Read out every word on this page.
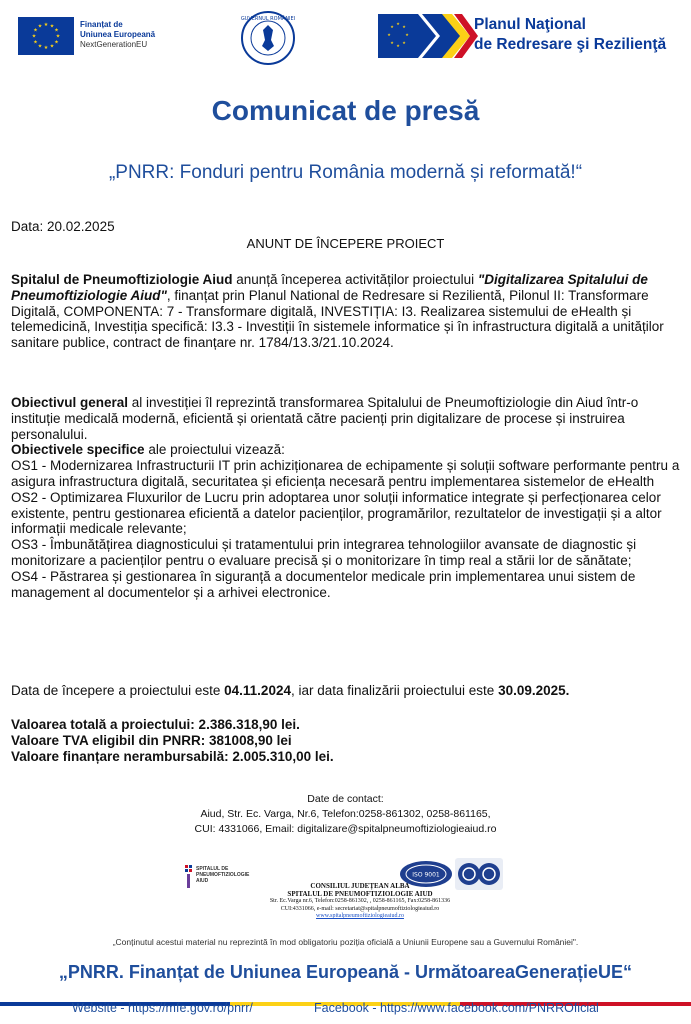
★ ★
★
★
★
★
★
★
★
★
★
★	Finanțat de
Uniunea Europeană
NextGenerationEU
GUVERNUL ROMÂNIEI
★
★
★
★
★
★
★
★	Planul Naţional
de Redresare şi Rezilienţă
Comunicat de presă
„PNRR: Fonduri pentru România modernă și reformată!“
Data: 20.02.2025
ANUNT DE ÎNCEPERE PROIECT

Spitalul de Pneumoftiziologie Aiud anunță începerea activităților proiectului "Digitalizarea Spitalului de Pneumoftiziologie Aiud", finanțat prin Planul National de Redresare si Rezilientă, Pilonul II: Transformare Digitală, COMPONENTA: 7 - Transformare digitală, INVESTIȚIA: I3. Realizarea sistemului de eHealth și telemedicină, Investiția specifică: I3.3 - Investiții în sistemele informatice și în infrastructura digitală a unităților sanitare publice, contract de finanțare nr. 1784/13.3/21.10.2024.

Obiectivul general al investiției îl reprezintă transformarea Spitalului de Pneumoftiziologie din Aiud într-o instituție medicală modernă, eficientă și orientată către pacienți prin digitalizare de procese și instruirea personalului.

Obiectivele specifice ale proiectului vizează:

OS1 - Modernizarea Infrastructurii IT prin achiziționarea de echipamente și soluții software performante pentru a asigura infrastructura digitală, securitatea și eficiența necesară pentru implementarea sistemelor de eHealth

OS2 - Optimizarea Fluxurilor de Lucru prin adoptarea unor soluții informatice integrate și perfecționarea celor existente, pentru gestionarea eficientă a datelor pacienților, programărilor, rezultatelor de investigații și a altor informații medicale relevante;

OS3 - Îmbunătățirea diagnosticului și tratamentului prin integrarea tehnologiilor avansate de diagnostic și monitorizare a pacienților pentru o evaluare precisă și o monitorizare în timp real a stării lor de sănătate;

OS4 - Păstrarea și gestionarea în siguranță a documentelor medicale prin implementarea unui sistem de management al documentelor și a arhivei electronice.

Data de începere a proiectului este 04.11.2024, iar data finalizării proiectului este 30.09.2025.

Valoarea totală a proiectului: 2.386.318,90 lei.

Valoare TVA eligibil din PNRR: 381008,90 lei

Valoare finanțare nerambursabilă: 2.005.310,00 lei.

Date de contact:
Aiud, Str. Ec. Varga, Nr.6, Telefon:0258-861302, 0258-861165,
CUI: 4331066, Email: digitalizare@spitalpneumoftiziologieaiud.ro
SPITALUL DE
PNEUMOFTIZIOLOGIE
AIUD
CONSILIUL JUDEȚEAN ALBA
SPITALUL DE PNEUMOFTIZIOLOGIE AIUD
Str. Ec.Varga nr.6, Telefon:0258-861302, , 0258-861165, Fax:0258-861336
CUI:4331066, e-mail: secretariat@spitalpneumoftiziologieaiud.ro
www.spitalpneumoftiziologieaiud.ro
ISO 9001
„Conținutul acestui material nu reprezintă în mod obligatoriu poziția oficială a Uniunii Europene sau a Guvernului României".
„PNRR. Finanțat de Uniunea Europeană - UrmătoareaGenerațieUE“
Website - https://mfe.gov.ro/pnrr/	Facebook - https://www.facebook.com/PNRROficial
